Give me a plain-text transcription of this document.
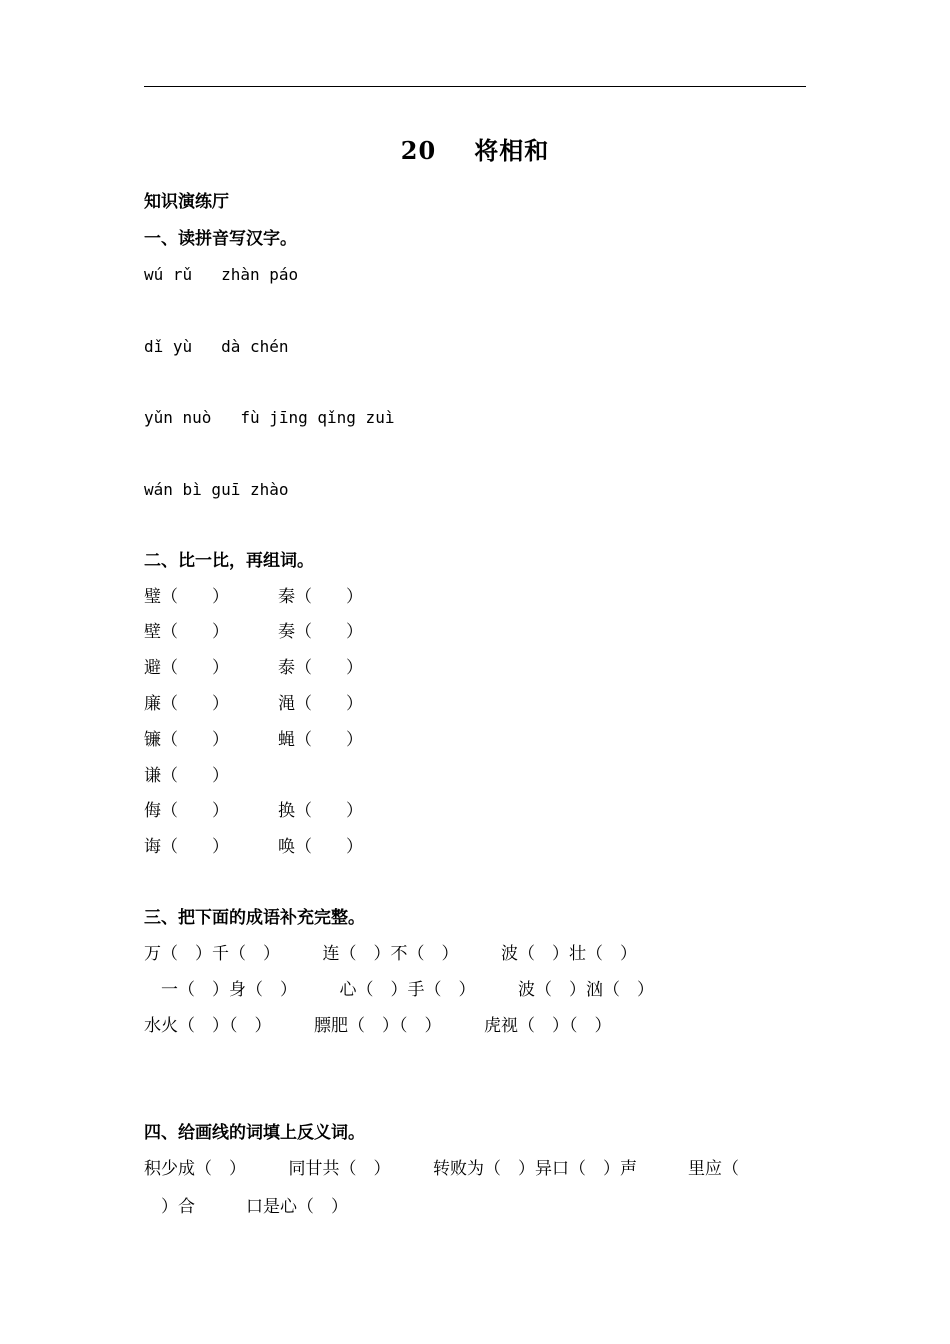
20 将相和
知识演练厅
一、读拼音写汉字。
wú rǔ   zhàn páo
dǐ yù   dà chén
yǔn nuò   fù jīng qǐng zuì
wán bì guī zhào
二、比一比，再组词。
璧（　　）	秦（　　）
壁（　　）	奏（　　）
避（　　）	泰（　　）
廉（　　）	渑（　　）
镰（　　）	蝇（　　）
谦（　　）
侮（　　）	换（　　）
诲（　　）	唤（　　）
三、把下面的成语补充完整。
万（　）千（　）　　　连（　）不（　）　　　波（　）壮（　）
　一（　）身（　）　　　心（　）手（　）　　　波（　）汹（　）
水火（　）（　）　　　膘肥（　）（　）　　　虎视（　）（　）
四、给画线的词填上反义词。
积少成（　）　　　同甘共（　）　　　转败为（　）异口（　）声　　　里应（
　）合　　　口是心（　）
